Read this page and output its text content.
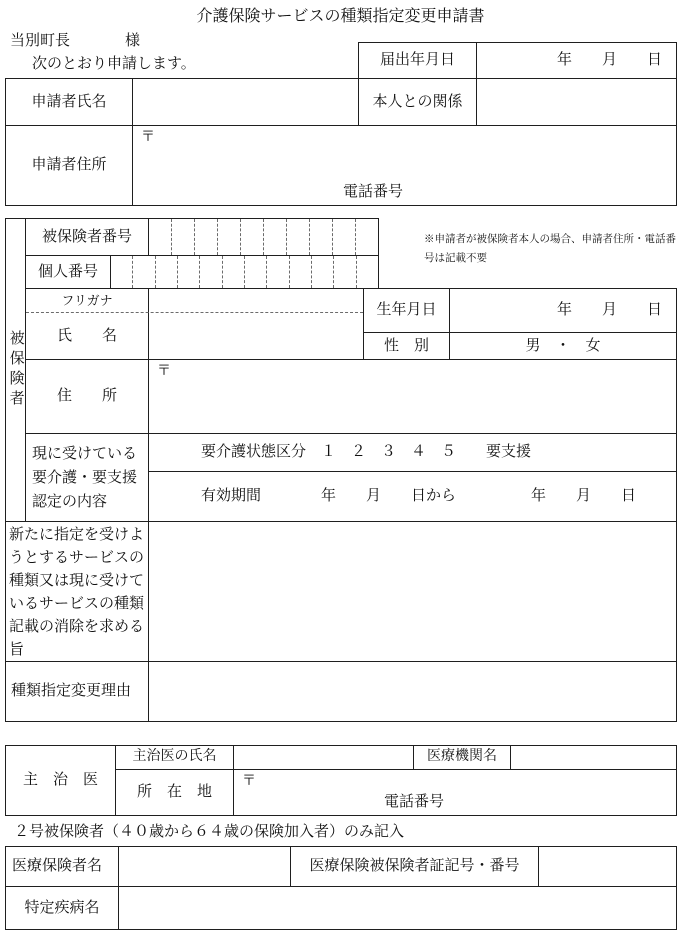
介護保険サービスの種類指定変更申請書
当別町長	様
次のとおり申請します。	届出年月日	年　　月　　日
申請者氏名	本人との関係
申請者住所
〒
電話番号
被保険者
被保険者番号
個人番号
※申請者が被保険者本人の場合、申請者住所・電話番号は記載不要
フリガナ
氏　　名
生年月日	年　　月　　日
性　別	男　・　女
住　　所
〒
現に受けている要介護・要支援認定の内容
要介護状態区分　１　２　３　４　５　　要支援
有効期間　　　　年　　月　　日から　　　　　年　　月　　日
新たに指定を受けようとするサービスの種類又は現に受けているサービスの種類記載の消除を求める旨
種類指定変更理由
主　治　医
主治医の氏名	医療機関名
所　在　地
〒
電話番号
２号被保険者（４０歳から６４歳の保険加入者）のみ記入
医療保険者名	医療保険被保険者証記号・番号
特定疾病名
